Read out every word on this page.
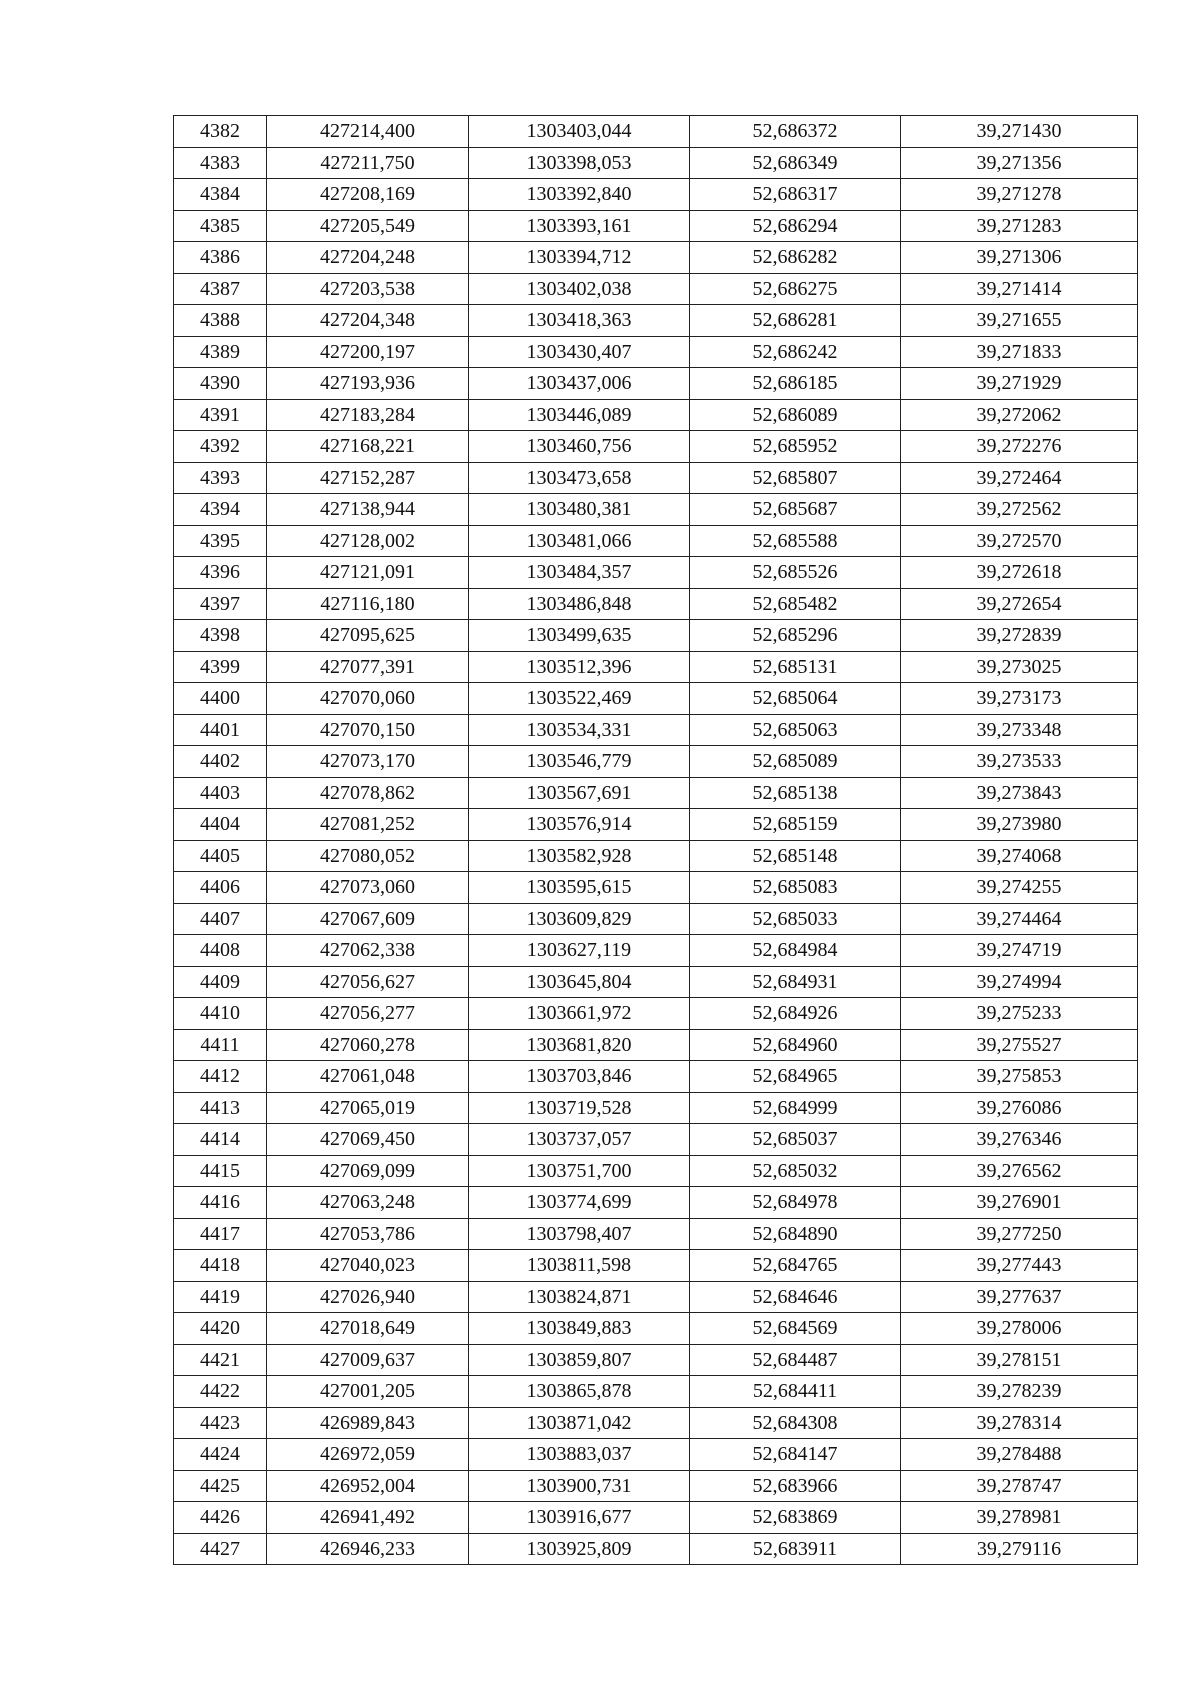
4382	427214,400	1303403,044	52,686372	39,271430
4383	427211,750	1303398,053	52,686349	39,271356
4384	427208,169	1303392,840	52,686317	39,271278
4385	427205,549	1303393,161	52,686294	39,271283
4386	427204,248	1303394,712	52,686282	39,271306
4387	427203,538	1303402,038	52,686275	39,271414
4388	427204,348	1303418,363	52,686281	39,271655
4389	427200,197	1303430,407	52,686242	39,271833
4390	427193,936	1303437,006	52,686185	39,271929
4391	427183,284	1303446,089	52,686089	39,272062
4392	427168,221	1303460,756	52,685952	39,272276
4393	427152,287	1303473,658	52,685807	39,272464
4394	427138,944	1303480,381	52,685687	39,272562
4395	427128,002	1303481,066	52,685588	39,272570
4396	427121,091	1303484,357	52,685526	39,272618
4397	427116,180	1303486,848	52,685482	39,272654
4398	427095,625	1303499,635	52,685296	39,272839
4399	427077,391	1303512,396	52,685131	39,273025
4400	427070,060	1303522,469	52,685064	39,273173
4401	427070,150	1303534,331	52,685063	39,273348
4402	427073,170	1303546,779	52,685089	39,273533
4403	427078,862	1303567,691	52,685138	39,273843
4404	427081,252	1303576,914	52,685159	39,273980
4405	427080,052	1303582,928	52,685148	39,274068
4406	427073,060	1303595,615	52,685083	39,274255
4407	427067,609	1303609,829	52,685033	39,274464
4408	427062,338	1303627,119	52,684984	39,274719
4409	427056,627	1303645,804	52,684931	39,274994
4410	427056,277	1303661,972	52,684926	39,275233
4411	427060,278	1303681,820	52,684960	39,275527
4412	427061,048	1303703,846	52,684965	39,275853
4413	427065,019	1303719,528	52,684999	39,276086
4414	427069,450	1303737,057	52,685037	39,276346
4415	427069,099	1303751,700	52,685032	39,276562
4416	427063,248	1303774,699	52,684978	39,276901
4417	427053,786	1303798,407	52,684890	39,277250
4418	427040,023	1303811,598	52,684765	39,277443
4419	427026,940	1303824,871	52,684646	39,277637
4420	427018,649	1303849,883	52,684569	39,278006
4421	427009,637	1303859,807	52,684487	39,278151
4422	427001,205	1303865,878	52,684411	39,278239
4423	426989,843	1303871,042	52,684308	39,278314
4424	426972,059	1303883,037	52,684147	39,278488
4425	426952,004	1303900,731	52,683966	39,278747
4426	426941,492	1303916,677	52,683869	39,278981
4427	426946,233	1303925,809	52,683911	39,279116
